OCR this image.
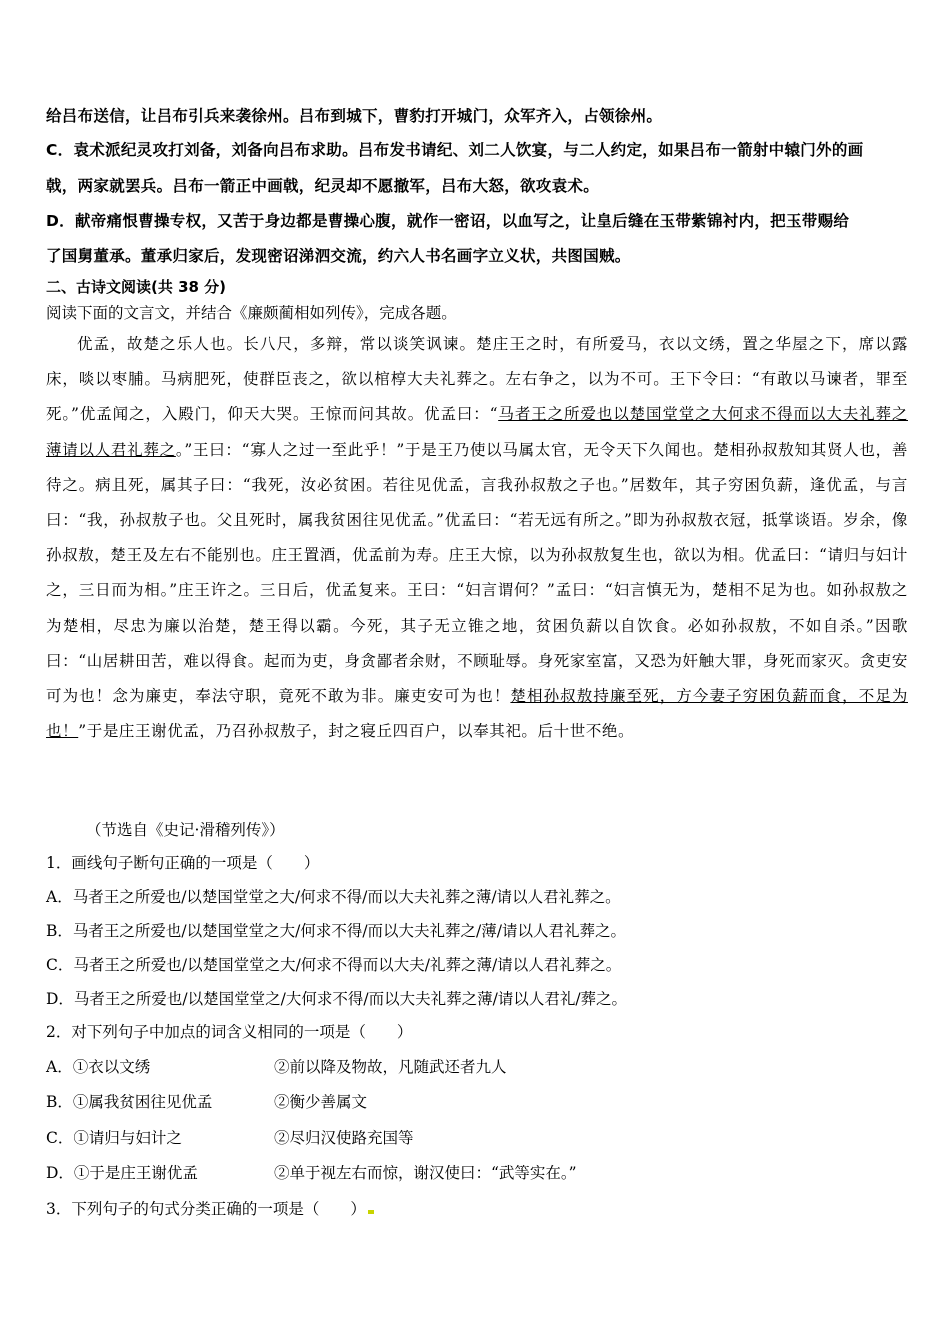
给吕布送信，让吕布引兵来袭徐州。吕布到城下，曹豹打开城门，众军齐入，占领徐州。
C．袁术派纪灵攻打刘备，刘备向吕布求助。吕布发书请纪、刘二人饮宴，与二人约定，如果吕布一箭射中辕门外的画
戟，两家就罢兵。吕布一箭正中画戟，纪灵却不愿撤军，吕布大怒，欲攻袁术。
D．献帝痛恨曹操专权，又苦于身边都是曹操心腹，就作一密诏，以血写之，让皇后缝在玉带紫锦衬内，把玉带赐给
了国舅董承。董承归家后，发现密诏涕泗交流，约六人书名画字立义状，共图国贼。
二、古诗文阅读(共 38 分)
阅读下面的文言文，并结合《廉颇蔺相如列传》，完成各题。
优孟，故楚之乐人也。长八尺，多辩，常以谈笑讽谏。楚庄王之时，有所爱马，衣以文绣，置之华屋之下，席以露床，啖以枣脯。马病肥死，使群臣丧之，欲以棺椁大夫礼葬之。左右争之，以为不可。王下令曰：“有敢以马谏者，罪至死。”优孟闻之，入殿门，仰天大哭。王惊而问其故。优孟曰：“马者王之所爱也以楚国堂堂之大何求不得而以大夫礼葬之薄请以人君礼葬之。”王曰：“寡人之过一至此乎！”于是王乃使以马属太官，无令天下久闻也。楚相孙叔敖知其贤人也，善待之。病且死，属其子曰：“我死，汝必贫困。若往见优孟，言我孙叔敖之子也。”居数年，其子穷困负薪，逢优孟，与言曰：“我，孙叔敖子也。父且死时，属我贫困往见优孟。”优孟曰：“若无远有所之。”即为孙叔敖衣冠，抵掌谈语。岁余，像孙叔敖，楚王及左右不能别也。庄王置酒，优孟前为寿。庄王大惊，以为孙叔敖复生也，欲以为相。优孟曰：“请归与妇计之，三日而为相。”庄王许之。三日后，优孟复来。王曰：“妇言谓何？”孟曰：“妇言慎无为，楚相不足为也。如孙叔敖之为楚相，尽忠为廉以治楚，楚王得以霸。今死，其子无立锥之地，贫困负薪以自饮食。必如孙叔敖，不如自杀。”因歌曰：“山居耕田苦，难以得食。起而为吏，身贪鄙者余财，不顾耻辱。身死家室富，又恐为奸触大罪，身死而家灭。贪吏安可为也！念为廉吏，奉法守职，竟死不敢为非。廉吏安可为也！楚相孙叔敖持廉至死，方今妻子穷困负薪而食，不足为也！”于是庄王谢优孟，乃召孙叔敖子，封之寝丘四百户，以奉其祀。后十世不绝。
（节选自《史记·滑稽列传》）
1．画线句子断句正确的一项是（　　）
A．马者王之所爱也/以楚国堂堂之大/何求不得/而以大夫礼葬之薄/请以人君礼葬之。
B．马者王之所爱也/以楚国堂堂之大/何求不得/而以大夫礼葬之/薄/请以人君礼葬之。
C．马者王之所爱也/以楚国堂堂之大/何求不得而以大夫/礼葬之薄/请以人君礼葬之。
D．马者王之所爱也/以楚国堂堂之/大何求不得/而以大夫礼葬之薄/请以人君礼/葬之。
2．对下列句子中加点的词含义相同的一项是（　　）
A．①衣以文绣	②前以降及物故，凡随武还者九人
B．①属我贫困往见优孟	②衡少善属文
C．①请归与妇计之	②尽归汉使路充国等
D．①于是庄王谢优孟	②单于视左右而惊，谢汉使曰：“武等实在。”
3．下列句子的句式分类正确的一项是（　　）
